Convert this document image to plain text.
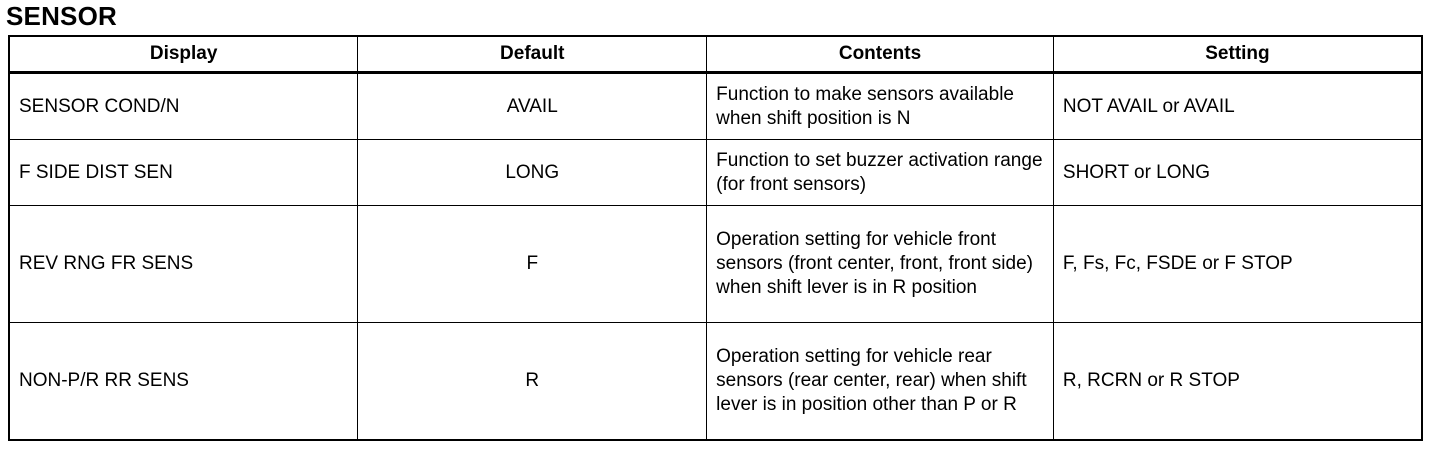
SENSOR
Display	Default	Contents	Setting
SENSOR COND/N	AVAIL	Function to make sensors available when shift position is N	NOT AVAIL or AVAIL
F SIDE DIST SEN	LONG	Function to set buzzer activation range (for front sensors)	SHORT or LONG
REV RNG FR SENS	F	Operation setting for vehicle front sensors (front center, front, front side) when shift lever is in R position	F, Fs, Fc, FSDE or F STOP
NON-P/R RR SENS	R	Operation setting for vehicle rear sensors (rear center, rear) when shift lever is in position other than P or R	R, RCRN or R STOP
